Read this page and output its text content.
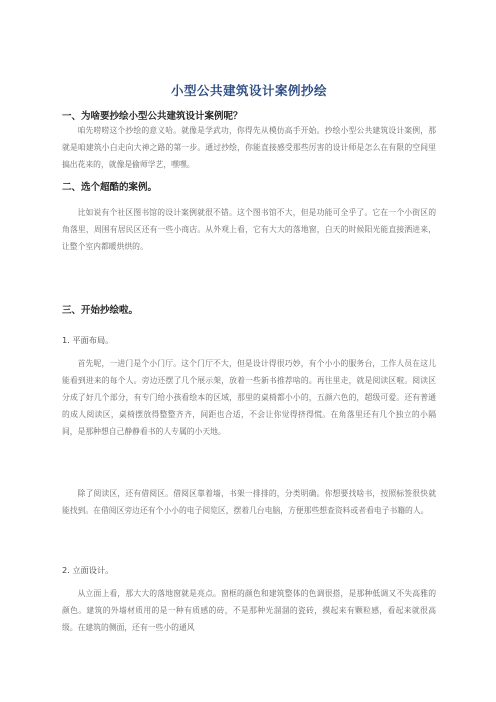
小型公共建筑设计案例抄绘
一、为啥要抄绘小型公共建筑设计案例呢？

咱先唠唠这个抄绘的意义哈。就像是学武功，你得先从模仿高手开始。抄绘小型公共建筑设计案例，那就是咱建筑小白走向大神之路的第一步。通过抄绘，你能直接感受那些厉害的设计师是怎么在有限的空间里搞出花来的，就像是偷师学艺，嘿嘿。

二、选个超酷的案例。

比如说有个社区图书馆的设计案例就很不错。这个图书馆不大，但是功能可全乎了。它在一个小街区的角落里，周围有居民区还有一些小商店。从外观上看，它有大大的落地窗，白天的时候阳光能直接洒进来，让整个室内都暖烘烘的。

三、开始抄绘啦。
1. 平面布局。

首先呢，一进门是个小门厅。这个门厅不大，但是设计得很巧妙，有个小小的服务台，工作人员在这儿能看到进来的每个人。旁边还摆了几个展示架，放着一些新书推荐啥的。再往里走，就是阅读区啦。阅读区分成了好几个部分，有专门给小孩看绘本的区域，那里的桌椅都小小的，五颜六色的，超级可爱。还有普通的成人阅读区，桌椅摆放得整整齐齐，间距也合适，不会让你觉得挤得慌。在角落里还有几个独立的小隔间，是那种想自己静静看书的人专属的小天地。

除了阅读区，还有借阅区。借阅区靠着墙，书架一排排的，分类明确。你想要找啥书，按照标签很快就能找到。在借阅区旁边还有个小小的电子阅览区，摆着几台电脑，方便那些想查资料或者看电子书籍的人。

2. 立面设计。

从立面上看，那大大的落地窗就是亮点。窗框的颜色和建筑整体的色调很搭，是那种低调又不失高雅的颜色。建筑的外墙材质用的是一种有质感的砖，不是那种光溜溜的瓷砖，摸起来有颗粒感，看起来就很高级。在建筑的侧面，还有一些小的通风
